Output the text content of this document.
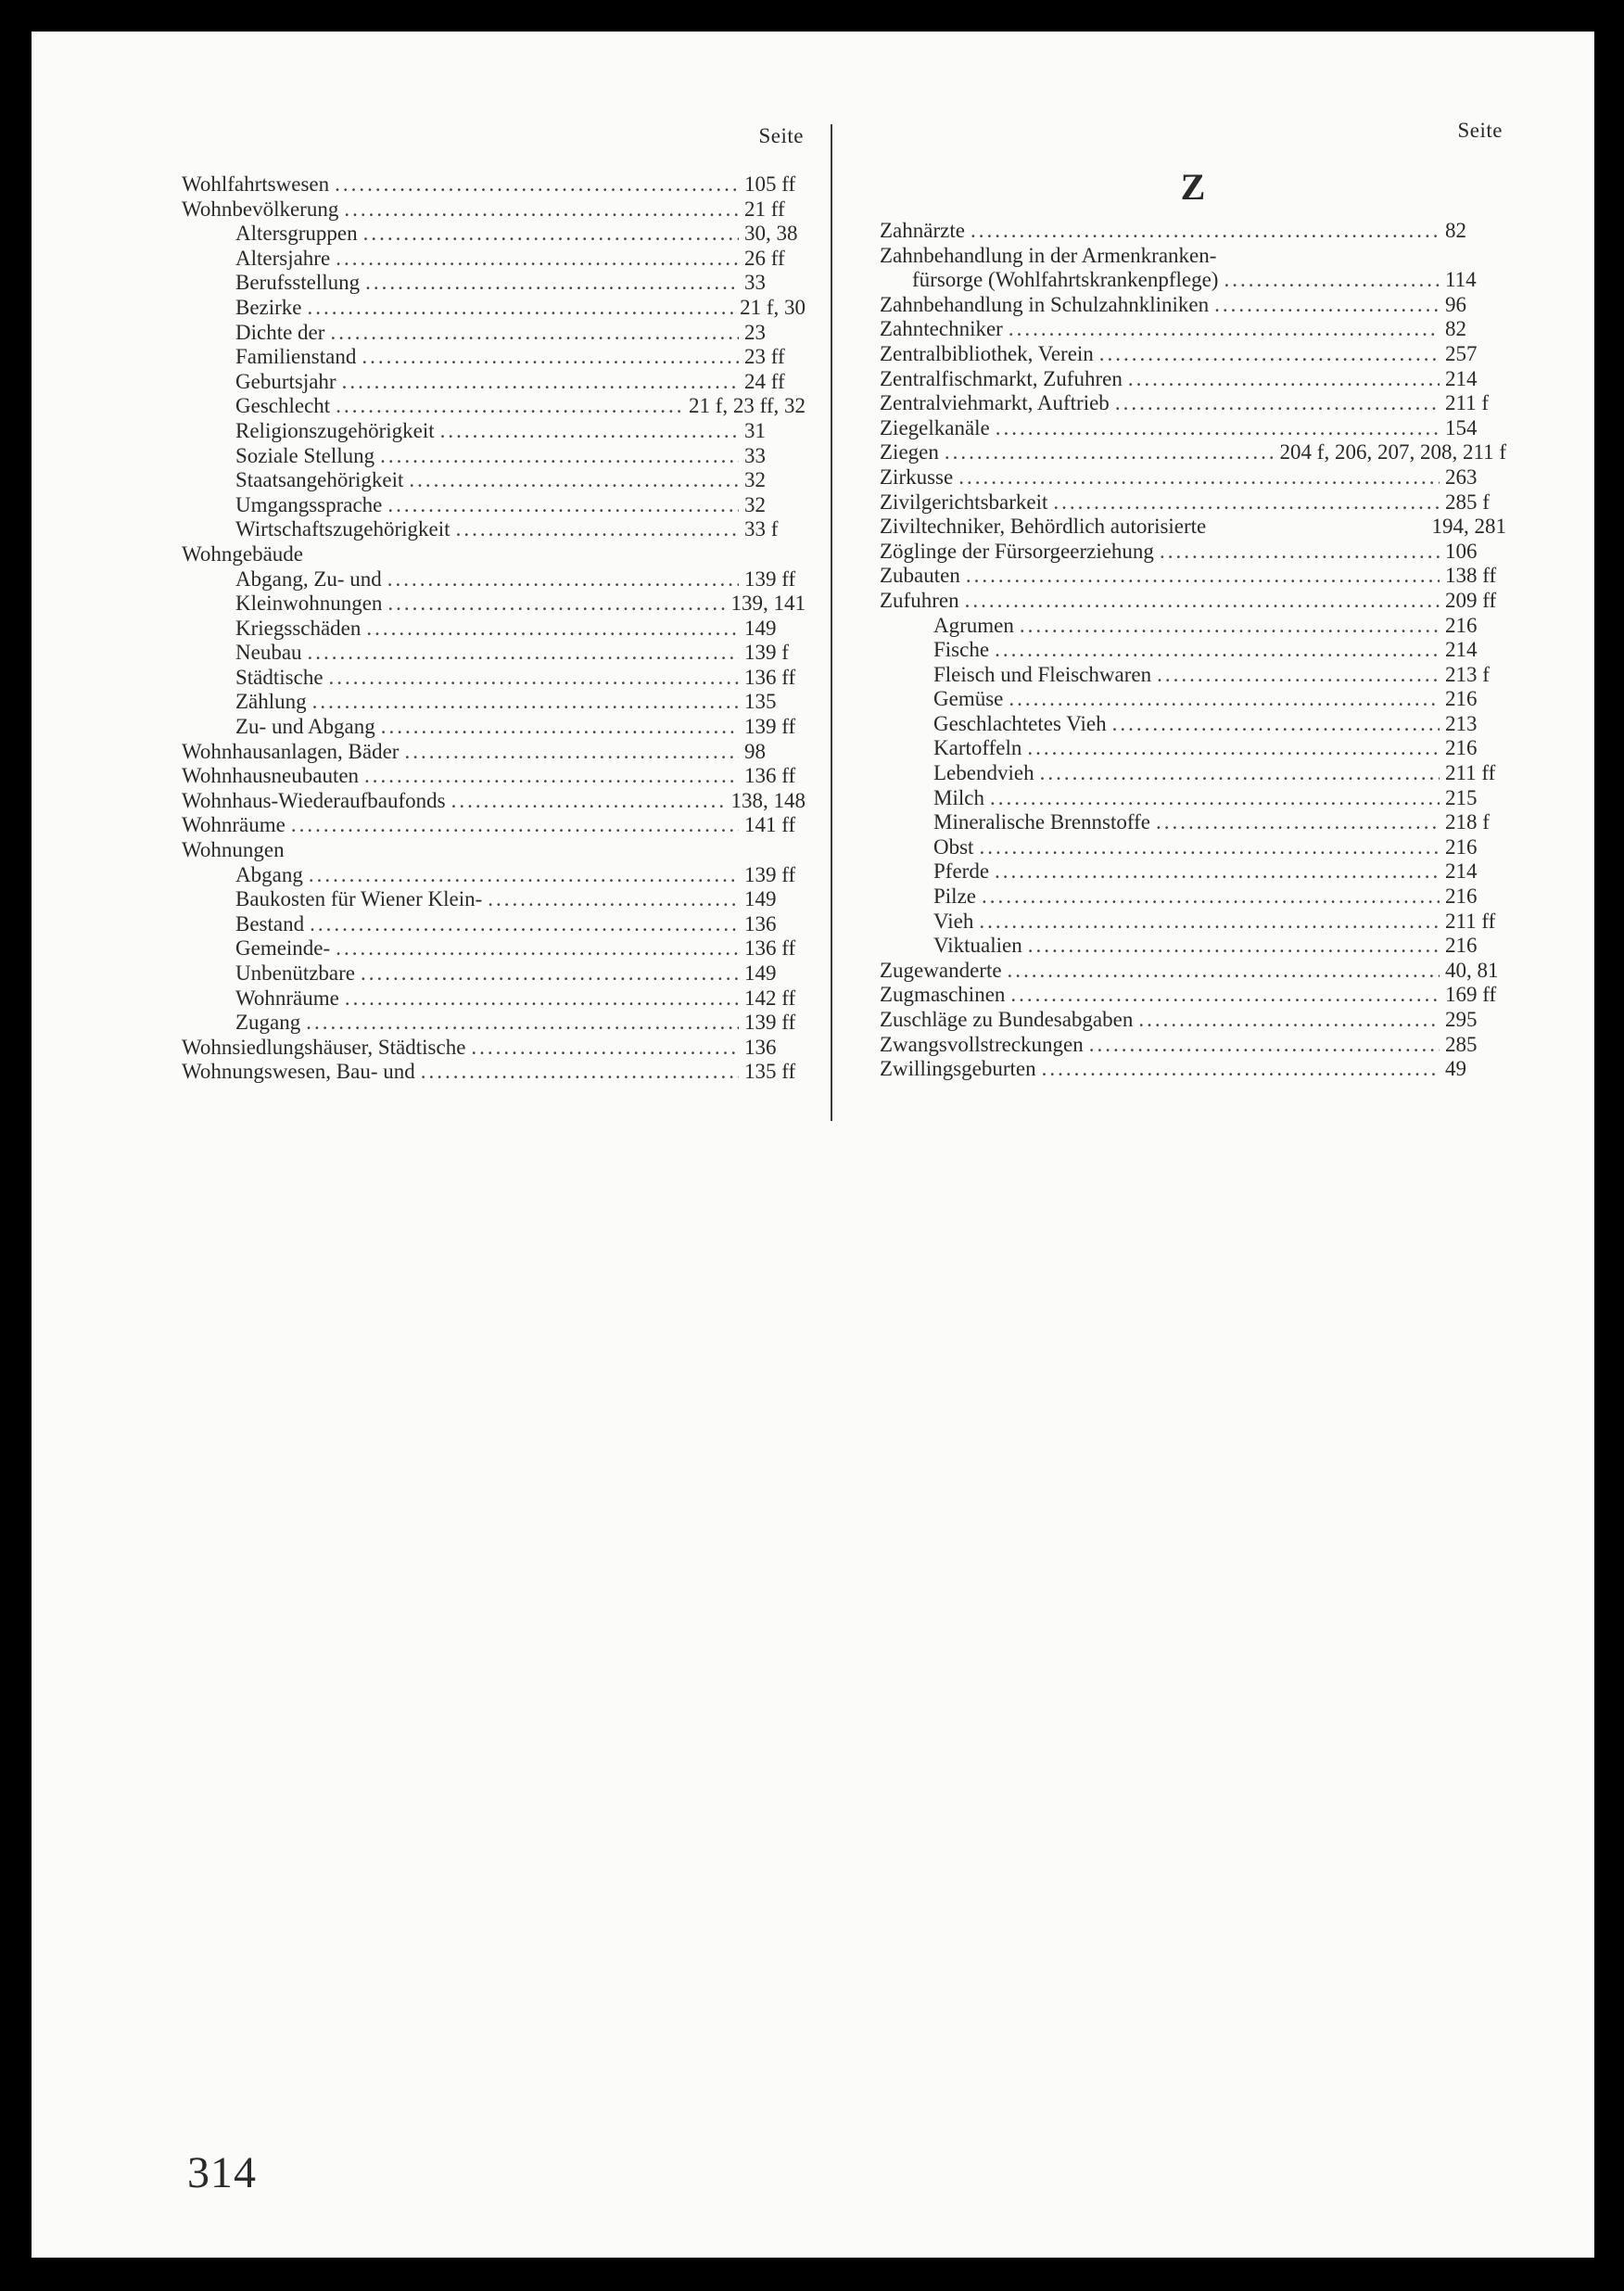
Seite
Wohlfahrtswesen .....	105 ff
Wohnbevölkerung .....	21 ff
Altersgruppen .....	30, 38
Altersjahre .....	26 ff
Berufsstellung .....	33
Bezirke .....	21 f, 30
Dichte der .....	23
Familienstand .....	23 ff
Geburtsjahr .....	24 ff
Geschlecht .....	21 f, 23 ff, 32
Religionszugehörigkeit .....	31
Soziale Stellung .....	33
Staatsangehörigkeit .....	32
Umgangssprache .....	32
Wirtschaftszugehörigkeit .....	33 f
Wohngebäude
Abgang, Zu- und .....	139 ff
Kleinwohnungen .....	139, 141
Kriegsschäden .....	149
Neubau .....	139 f
Städtische .....	136 ff
Zählung .....	135
Zu- und Abgang .....	139 ff
Wohnhausanlagen, Bäder .....	98
Wohnhausneubauten .....	136 ff
Wohnhaus-Wiederaufbaufonds .....	138, 148
Wohnräume .....	141 ff
Wohnungen
Abgang .....	139 ff
Baukosten für Wiener Klein- .....	149
Bestand .....	136
Gemeinde- .....	136 ff
Unbenützbare .....	149
Wohnräume .....	142 ff
Zugang .....	139 ff
Wohnsiedlungshäuser, Städtische .....	136
Wohnungswesen, Bau- und .....	135 ff
Seite
Z
Zahnärzte .....	82
Zahnbehandlung in der Armenkranken-
fürsorge (Wohlfahrtskrankenpflege) .....	114
Zahnbehandlung in Schulzahnkliniken .....	96
Zahntechniker .....	82
Zentralbibliothek, Verein .....	257
Zentralfischmarkt, Zufuhren .....	214
Zentralviehmarkt, Auftrieb .....	211 f
Ziegelkanäle .....	154
Ziegen .....	204 f, 206, 207, 208, 211 f
Zirkusse .....	263
Zivilgerichtsbarkeit .....	285 f
Ziviltechniker, Behördlich autorisierte	194, 281
Zöglinge der Fürsorgeerziehung .....	106
Zubauten .....	138 ff
Zufuhren .....	209 ff
Agrumen .....	216
Fische .....	214
Fleisch und Fleischwaren .....	213 f
Gemüse .....	216
Geschlachtetes Vieh .....	213
Kartoffeln .....	216
Lebendvieh .....	211 ff
Milch .....	215
Mineralische Brennstoffe .....	218 f
Obst .....	216
Pferde .....	214
Pilze .....	216
Vieh .....	211 ff
Viktualien .....	216
Zugewanderte .....	40, 81
Zugmaschinen .....	169 ff
Zuschläge zu Bundesabgaben .....	295
Zwangsvollstreckungen .....	285
Zwillingsgeburten .....	49
314
